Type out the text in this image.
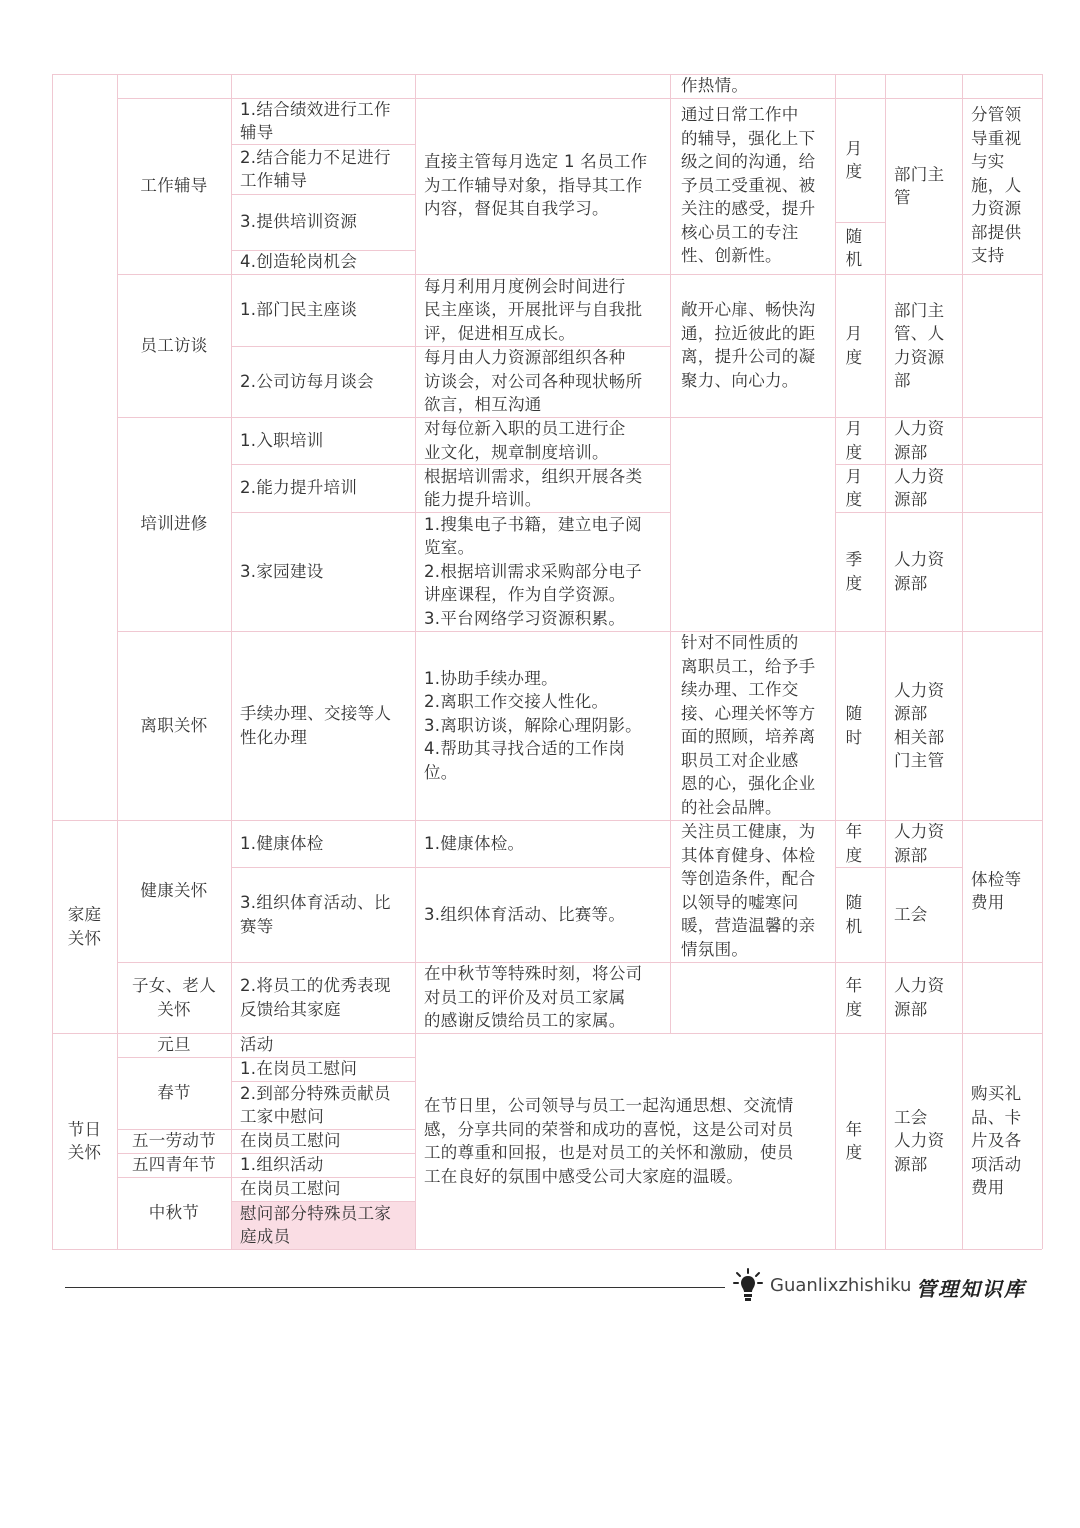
作热情。
工作辅导
1.结合绩效进行工作
辅导
2.结合能力不足进行
工作辅导
3.提供培训资源
4.创造轮岗机会
直接主管每月选定 1 名员工作
为工作辅导对象，指导其工作
内容，督促其自我学习。
通过日常工作中
的辅导，强化上下
级之间的沟通，给
予员工受重视、被
关注的感受，提升
核心员工的专注
性、创新性。
月
度
随
机
部门主
管
分管领
导重视
与实
施，人
力资源
部提供
支持
员工访谈
1.部门民主座谈
2.公司访每月谈会
每月利用月度例会时间进行
民主座谈，开展批评与自我批
评，促进相互成长。
每月由人力资源部组织各种
访谈会，对公司各种现状畅所
欲言，相互沟通
敞开心扉、畅快沟
通，拉近彼此的距
离，提升公司的凝
聚力、向心力。
月
度
部门主
管、人
力资源
部
培训进修
1.入职培训
2.能力提升培训
3.家园建设
对每位新入职的员工进行企
业文化，规章制度培训。
根据培训需求，组织开展各类
能力提升培训。
1.搜集电子书籍，建立电子阅
览室。
2.根据培训需求采购部分电子
讲座课程，作为自学资源。
3.平台网络学习资源积累。
月
度
月
度
季
度
人力资
源部
人力资
源部
人力资
源部
离职关怀
手续办理、交接等人
性化办理
1.协助手续办理。
2.离职工作交接人性化。
3.离职访谈，解除心理阴影。
4.帮助其寻找合适的工作岗
位。
针对不同性质的
离职员工，给予手
续办理、工作交
接、心理关怀等方
面的照顾，培养离
职员工对企业感
恩的心，强化企业
的社会品牌。
随
时
人力资
源部
相关部
门主管
家庭
关怀
健康关怀
1.健康体检
3.组织体育活动、比
赛等
1.健康体检。
3.组织体育活动、比赛等。
关注员工健康，为
其体育健身、体检
等创造条件，配合
以领导的嘘寒问
暖，营造温馨的亲
情氛围。
年
度
随
机
人力资
源部
工会
体检等
费用
子女、老人
关怀
2.将员工的优秀表现
反馈给其家庭
在中秋节等特殊时刻，将公司
对员工的评价及对员工家属
的感谢反馈给员工的家属。
年
度
人力资
源部
节日
关怀
元旦
春节
五一劳动节
五四青年节
中秋节
活动
1.在岗员工慰问
2.到部分特殊贡献员
工家中慰问
在岗员工慰问
1.组织活动
在岗员工慰问
慰问部分特殊员工家
庭成员
在节日里，公司领导与员工一起沟通思想、交流情
感，分享共同的荣誉和成功的喜悦，这是公司对员
工的尊重和回报，也是对员工的关怀和激励，使员
工在良好的氛围中感受公司大家庭的温暖。
年
度
工会
人力资
源部
购买礼
品、卡
片及各
项活动
费用
Guanlixzhishiku 管理知识库
